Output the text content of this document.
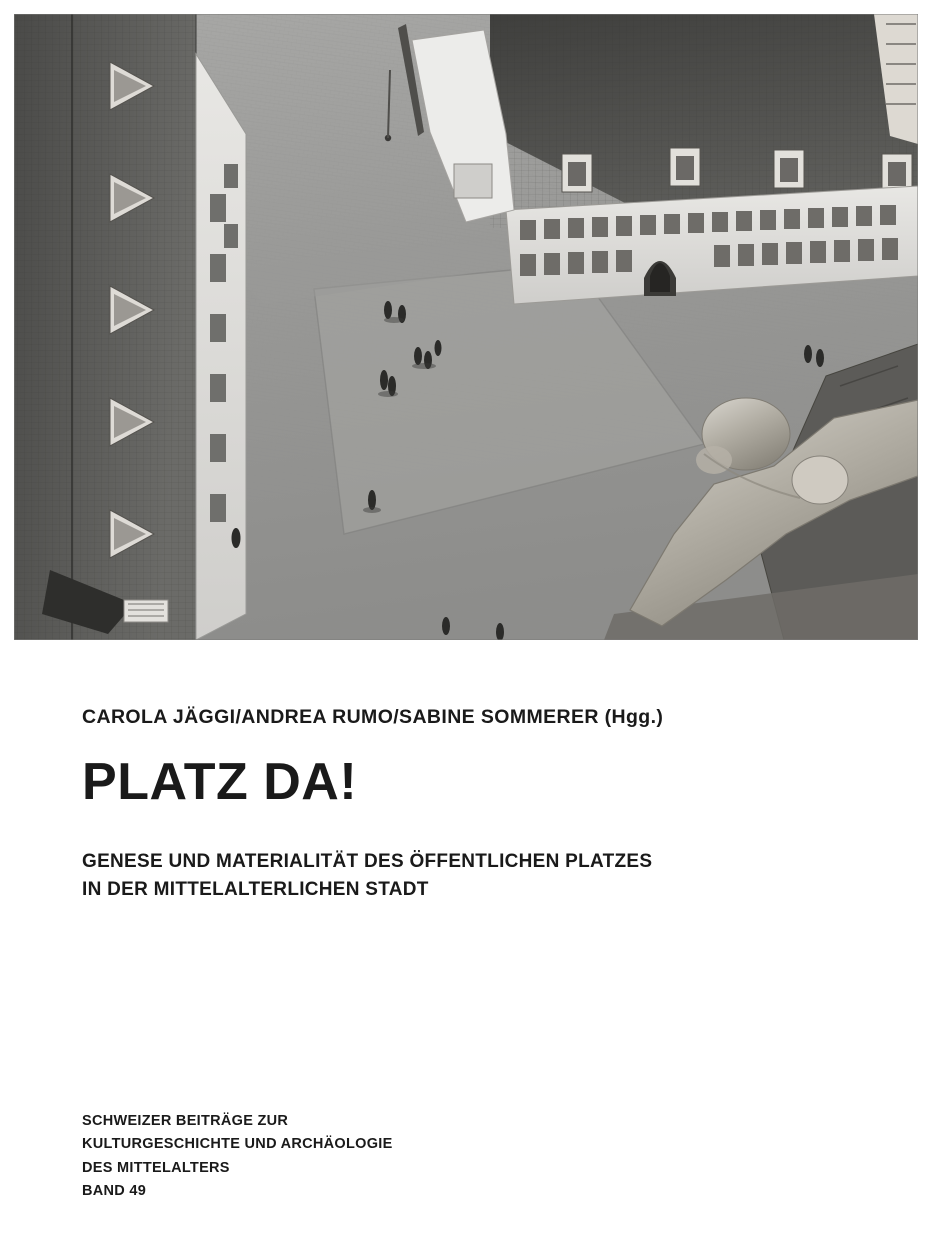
CAROLA JÄGGI/ANDREA RUMO/SABINE SOMMERER (Hgg.)

PLATZ DA!
GENESE UND MATERIALITÄT DES ÖFFENTLICHEN PLATZES
IN DER MITTELALTERLICHEN STADT
SCHWEIZER BEITRÄGE ZUR
KULTURGESCHICHTE UND ARCHÄOLOGIE
DES MITTELALTERS
BAND 49
